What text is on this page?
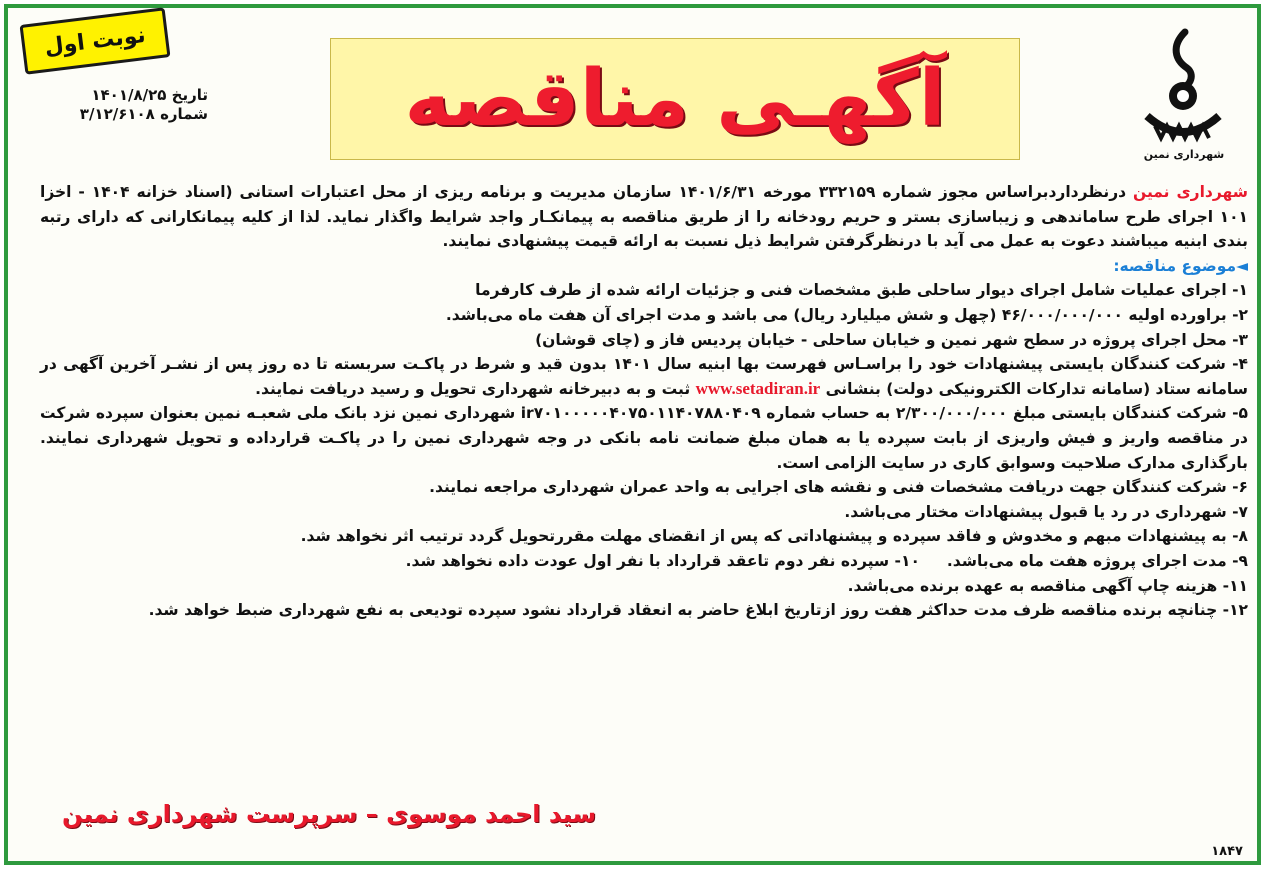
نوبت اول
تاریخ ۱۴۰۱/۸/۲۵
شماره ۳/۱۲/۶۱۰۸	آگهـی مناقصه
شهرداری نمین

شهرداری نمین درنظرداردبراساس مجوز شماره ۳۳۲۱۵۹ مورخه ۱۴۰۱/۶/۳۱ سازمان مدیریت و برنامه ریزی از محل اعتبارات استانی (اسناد خزانه ۱۴۰۴ - اخزا ۱۰۱ اجرای طرح ساماندهی و زیباسازی بستر و حریم رودخانه را از طریق مناقصه به پیمانکـار واجد شرایط واگذار نماید. لذا از کلیه پیمانکارانی که دارای رتبه بندی ابنیه میباشند دعوت به عمل می آید با درنظرگرفتن شرایط ذیل نسبت به ارائه قیمت پیشنهادی نمایند.

◄موضوع مناقصه:

۱- اجرای عملیات شامل اجرای دیوار ساحلی طبق مشخصات فنی و جزئیات ارائه شده از طرف کارفرما

۲- براورده اولیه ۴۶/۰۰۰/۰۰۰/۰۰۰ (چهل و شش میلیارد ریال) می باشد و مدت اجرای آن هفت ماه می‌باشد.

۳- محل اجرای پروژه در سطح شهر نمین و خیابان ساحلی - خیابان پردیس فاز و (چای قوشان)

۴- شرکت کنندگان بایستی پیشنهادات خود را براسـاس فهرست بها ابنیه سال ۱۴۰۱ بدون قید و شرط در پاکـت سربسته تا ده روز پس از نشـر آخرین آگهی در سامانه ستاد (سامانه تدارکات الکترونیکی دولت) بنشانی www.setadiran.ir ثبت و به دبیرخانه شهرداری تحویل و رسید دریافت نمایند.

۵- شرکت کنندگان بایستی مبلغ ۲/۳۰۰/۰۰۰/۰۰۰ به حساب شماره ir۷۰۱۰۰۰۰۰۴۰۷۵۰۱۱۴۰۷۸۸۰۴۰۹ شهرداری نمین نزد بانک ملی شعبـه نمین بعنوان سپرده شرکت در مناقصه واریز و فیش واریزی از بابت سپرده یا به همان مبلغ ضمانت نامه بانکی در وجه شهرداری نمین را در پاکـت قرارداده و تحویل شهرداری نمایند. بارگذاری مدارک صلاحیت وسوابق کاری در سایت الزامی است.

۶- شرکت کنندگان جهت دریافت مشخصات فنی و نقشه های اجرایی به واحد عمران شهرداری مراجعه نمایند.

۷- شهرداری در رد یا قبول پیشنهادات مختار می‌باشد.

۸- به پیشنهادات مبهم و مخدوش و فاقد سپرده و پیشنهاداتی که پس از انقضای مهلت مقررتحویل گردد ترتیب اثر نخواهد شد.

۹- مدت اجرای پروژه هفت ماه می‌باشد.     ۱۰- سپرده نفر دوم تاعقد قرارداد با نفر اول عودت داده نخواهد شد.

۱۱- هزینه چاپ آگهی مناقصه به عهده برنده می‌باشد.

۱۲- چنانچه برنده مناقصه ظرف مدت حداکثر هفت روز ازتاریخ ابلاغ حاضر به انعقاد قرارداد نشود سپرده تودیعی به نفع شهرداری ضبط خواهد شد.

سید احمد موسوی – سرپرست شهرداری نمین
۱۸۴۷
